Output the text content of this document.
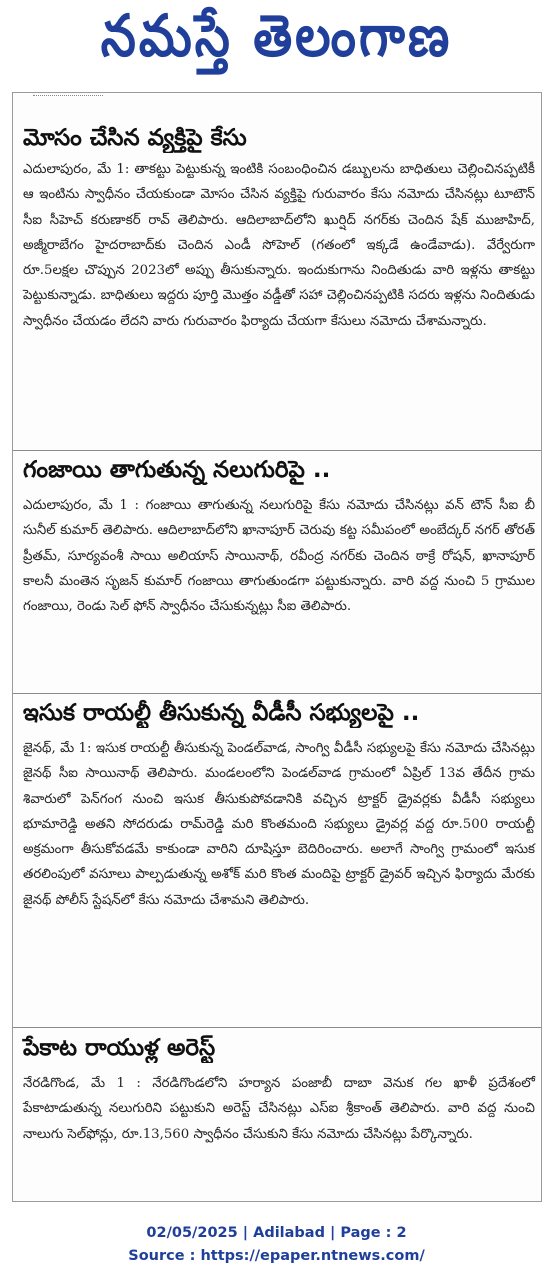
నమస్తే తెలంగాణ
మోసం చేసిన వ్యక్తిపై కేసు
ఎదులాపురం, మే 1: తాకట్టు పెట్టుకున్న ఇంటికి సంబంధించిన డబ్బులను బాధితులు చెల్లించినప్పటికీ ఆ ఇంటిను స్వాధీనం చేయకుండా మోసం చేసిన వ్యక్తిపై గురువారం కేసు నమోదు చేసినట్లు టూటౌన్ సీఐ సీహెచ్ కరుణాకర్ రావ్ తెలిపారు. ఆదిలాబాద్‌లోని ఖుర్షిద్ నగర్‌కు చెందిన షేక్ ముజాహిద్, అజ్మీరాబేగం హైదరాబాద్‌కు చెందిన ఎండీ సోహెల్ (గతంలో ఇక్కడే ఉండేవాడు). వేర్వేరుగా రూ.5లక్షల చొప్పున 2023లో అప్పు తీసుకున్నారు. ఇందుకుగాను నిందితుడు వారి ఇళ్లను తాకట్టు పెట్టుకున్నాడు. బాధితులు ఇద్దరు పూర్తి మొత్తం వడ్డీతో సహా చెల్లించినప్పటికి సదరు ఇళ్లను నిందితుడు స్వాధీనం చేయడం లేదని వారు గురువారం ఫిర్యాదు చేయగా కేసులు నమోదు చేశామన్నారు.
గంజాయి తాగుతున్న నలుగురిపై ..
ఎదులాపురం, మే 1 : గంజాయి తాగుతున్న నలుగురిపై కేసు నమోదు చేసినట్లు వన్ టౌన్ సీఐ బీ సునీల్ కుమార్ తెలిపారు. ఆదిలాబాద్‌లోని ఖానాపూర్ చెరువు కట్ట సమీపంలో అంబేద్కర్ నగర్ తోరత్ ప్రీతమ్, సూర్యవంశీ సాయి అలియాస్ సాయినాథ్, రవీంద్ర నగర్‌కు చెందిన ఠాక్రే రోషన్, ఖానాపూర్ కాలనీ మంతెన సృజన్ కుమార్ గంజాయి తాగుతుండగా పట్టుకున్నారు. వారి వద్ద నుంచి 5 గ్రాముల గంజాయి, రెండు సెల్ ఫోన్ స్వాధీనం చేసుకున్నట్లు సీఐ తెలిపారు.
ఇసుక రాయల్టీ తీసుకున్న వీడీసీ సభ్యులపై ..
జైనథ్, మే 1: ఇసుక రాయల్టీ తీసుకున్న పెండల్‌వాడ, సాంగ్వి వీడీసీ సభ్యులపై కేసు నమోదు చేసినట్లు జైనథ్ సీఐ సాయినాథ్ తెలిపారు. మండలంలోని పెండల్‌వాడ గ్రామంలో ఏప్రిల్ 13వ తేదీన గ్రామ శివారులో పెన్‌గంగ నుంచి ఇసుక తీసుకుపోవడానికి వచ్చిన ట్రాక్టర్ డ్రైవర్లకు వీడీసీ సభ్యులు భూమారెడ్డి అతని సోదరుడు రామ్‌రెడ్డి మరి కొంతమంది సభ్యులు డ్రైవర్ల వద్ద రూ.500 రాయల్టీ అక్రమంగా తీసుకోవడమే కాకుండా వారిని దూషిస్తూ బెదిరించారు. అలాగే సాంగ్వి గ్రామంలో ఇసుక తరలింపులో వసూలు పాల్పడుతున్న అశోక్ మరి కొంత మందిపై ట్రాక్టర్ డ్రైవర్ ఇచ్చిన ఫిర్యాదు మేరకు జైనథ్ పోలీస్ స్టేషన్‌లో కేసు నమోదు చేశామని తెలిపారు.
పేకాట రాయుళ్ల అరెస్ట్
నేరడిగొండ, మే 1 : నేరడిగొండలోని హర్యాన పంజాబీ దాబా వెనుక గల ఖాళీ ప్రదేశంలో పేకాటాడుతున్న నలుగురిని పట్టుకుని అరెస్ట్ చేసినట్లు ఎస్ఐ శ్రీకాంత్ తెలిపారు. వారి వద్ద నుంచి నాలుగు సెల్‌ఫోన్లు, రూ.13,560 స్వాధీనం చేసుకుని కేసు నమోదు చేసినట్లు పేర్కొన్నారు.
02/05/2025 | Adilabad | Page : 2
Source : https://epaper.ntnews.com/
